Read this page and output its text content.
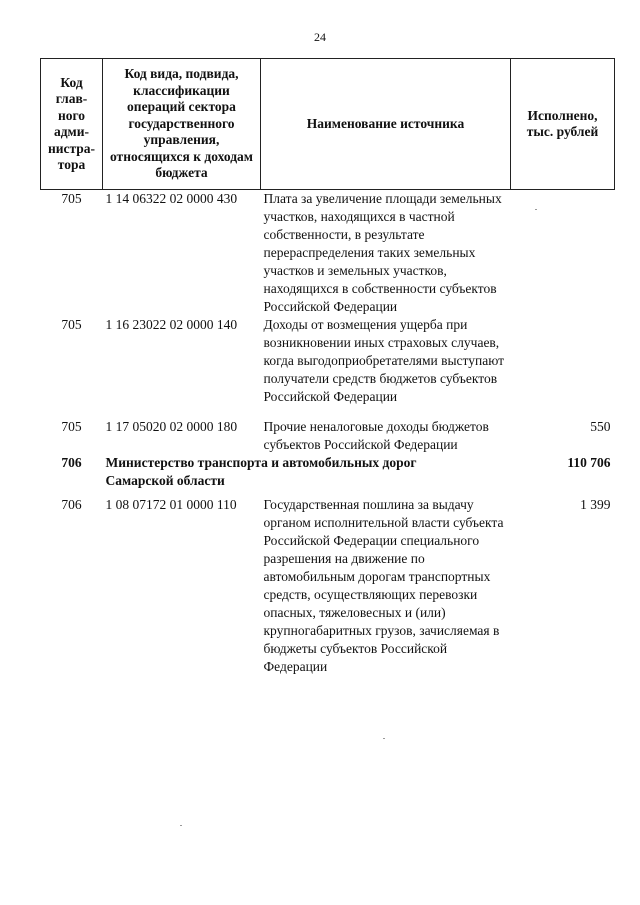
24
Код глав-ного адми-нистра-тора	Код вида, подвида, классификации операций сектора государственного управления, относящихся к доходам бюджета	Наименование источника	Исполнено, тыс. рублей
705	1 14 06322 02 0000 430	Плата за увеличение площади земельных участков, находящихся в частной собственности, в результате перераспределения таких земельных участков и земельных участков, находящихся в собственности субъектов Российской Федерации	
705	1 16 23022 02 0000 140	Доходы от возмещения ущерба при возникновении иных страховых случаев, когда выгодоприобретателями выступают получатели средств бюджетов субъектов Российской Федерации	
705	1 17 05020 02 0000 180	Прочие неналоговые доходы бюджетов субъектов Российской Федерации	550
706	Министерство транспорта и автомобильных дорог Самарской области		110 706
706	1 08 07172 01 0000 110	Государственная пошлина за выдачу органом исполнительной власти субъекта Российской Федерации специального разрешения на движение по автомобильным дорогам транспортных средств, осуществляющих перевозки опасных, тяжеловесных и (или) крупногабаритных грузов, зачисляемая в бюджеты субъектов Российской Федерации	1 399
